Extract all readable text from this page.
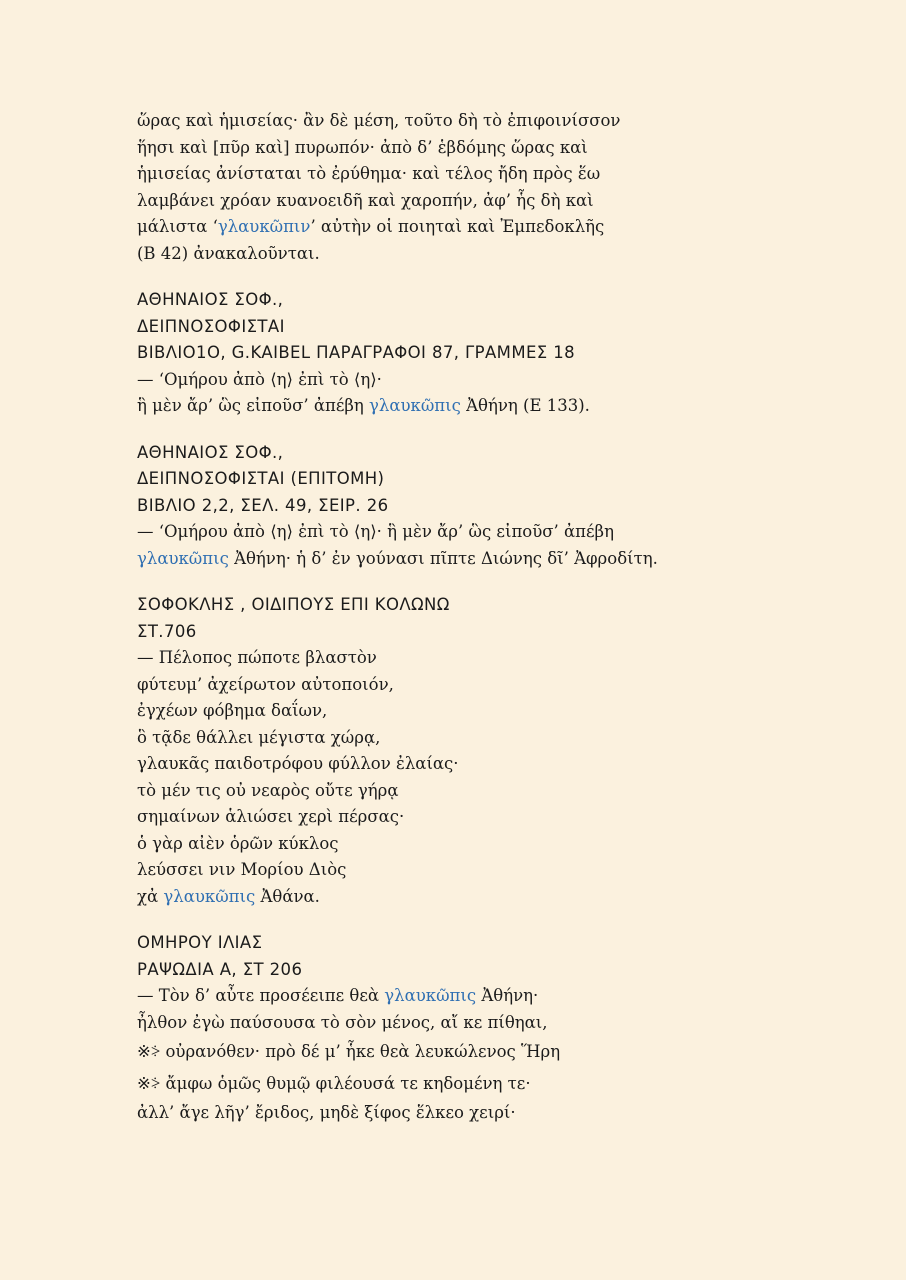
ὥρας καὶ ἡμισείας· ἂν δὲ μέση, τοῦτο δὴ τὸ ἐπιφοινίσσον
ἥησι καὶ [πῦρ καὶ] πυρωπόν· ἀπὸ δ’ ἑβδόμης ὥρας καὶ
ἡμισείας ἀνίσταται τὸ ἐρύθημα· καὶ τέλος ἤδη πρὸς ἕω
λαμβάνει χρόαν κυανοειδῆ καὶ χαροπήν, ἀφ’ ἧς δὴ καὶ
μάλιστα ‘γλαυκῶπιν’ αὐτὴν οἱ ποιηταὶ καὶ Ἐμπεδοκλῆς
(B 42) ἀνακαλοῦνται.
ΑΘΗΝΑΙΟΣ ΣΟΦ.,
ΔΕΙΠΝΟΣΟΦΙΣΤΑΙ
ΒΙΒΛΙΟ1Ο, G.KAIBEL ΠΑΡΑΓΡΑΦΟΙ 87, ΓΡΑΜΜΕΣ 18
— ‘Ομήρου ἀπὸ ⟨η⟩ ἐπὶ τὸ ⟨η⟩·
ἣ μὲν ἄρ’ ὣς εἰποῦσ’ ἀπέβη γλαυκῶπις Ἀθήνη (E 133).
ΑΘΗΝΑΙΟΣ ΣΟΦ.,
ΔΕΙΠΝΟΣΟΦΙΣΤΑΙ (ΕΠΙΤΟΜΗ)
ΒΙΒΛΙΟ 2,2, ΣΕΛ. 49, ΣΕΙΡ. 26
— ‘Ομήρου ἀπὸ ⟨η⟩ ἐπὶ τὸ ⟨η⟩· ἣ μὲν ἄρ’ ὣς εἰποῦσ’ ἀπέβη
γλαυκῶπις Ἀθήνη· ἡ δ’ ἐν γούνασι πῖπτε Διώνης δῖ’ Ἀφροδίτη.
ΣΟΦΟΚΛΗΣ , ΟΙΔΙΠΟΥΣ ΕΠΙ ΚΟΛΩΝΩ
ΣΤ.706
— Πέλοπος πώποτε βλαστὸν
φύτευμ’ ἀχείρωτον αὐτοποιόν,
ἐγχέων φόβημα δαΐων,
ὃ τᾷδε θάλλει μέγιστα χώρᾳ,
γλαυκᾶς παιδοτρόφου φύλλον ἐλαίας·
τὸ μέν τις οὐ νεαρὸς οὔτε γήρᾳ
σημαίνων ἁλιώσει χερὶ πέρσας·
ὁ γὰρ αἰὲν ὁρῶν κύκλος
λεύσσει νιν Μορίου Διὸς
χἀ γλαυκῶπις Ἀθάνα.
ΟΜΗΡΟΥ ΙΛΙΑΣ
ΡΑΨΩΔΙΑ Α, ΣΤ 206
— Τὸν δ’ αὖτε προσέειπε θεὰ γλαυκῶπις Ἀθήνη·
ἦλθον ἐγὼ παύσουσα τὸ σὸν μένος, αἴ κε πίθηαι,
※⸖ οὐρανόθεν· πρὸ δέ μ’ ἧκε θεὰ λευκώλενος Ἥρη
※⸖ ἄμφω ὁμῶς θυμῷ φιλέουσά τε κηδομένη τε·
ἀλλ’ ἄγε λῆγ’ ἔριδος, μηδὲ ξίφος ἕλκεο χειρί·
